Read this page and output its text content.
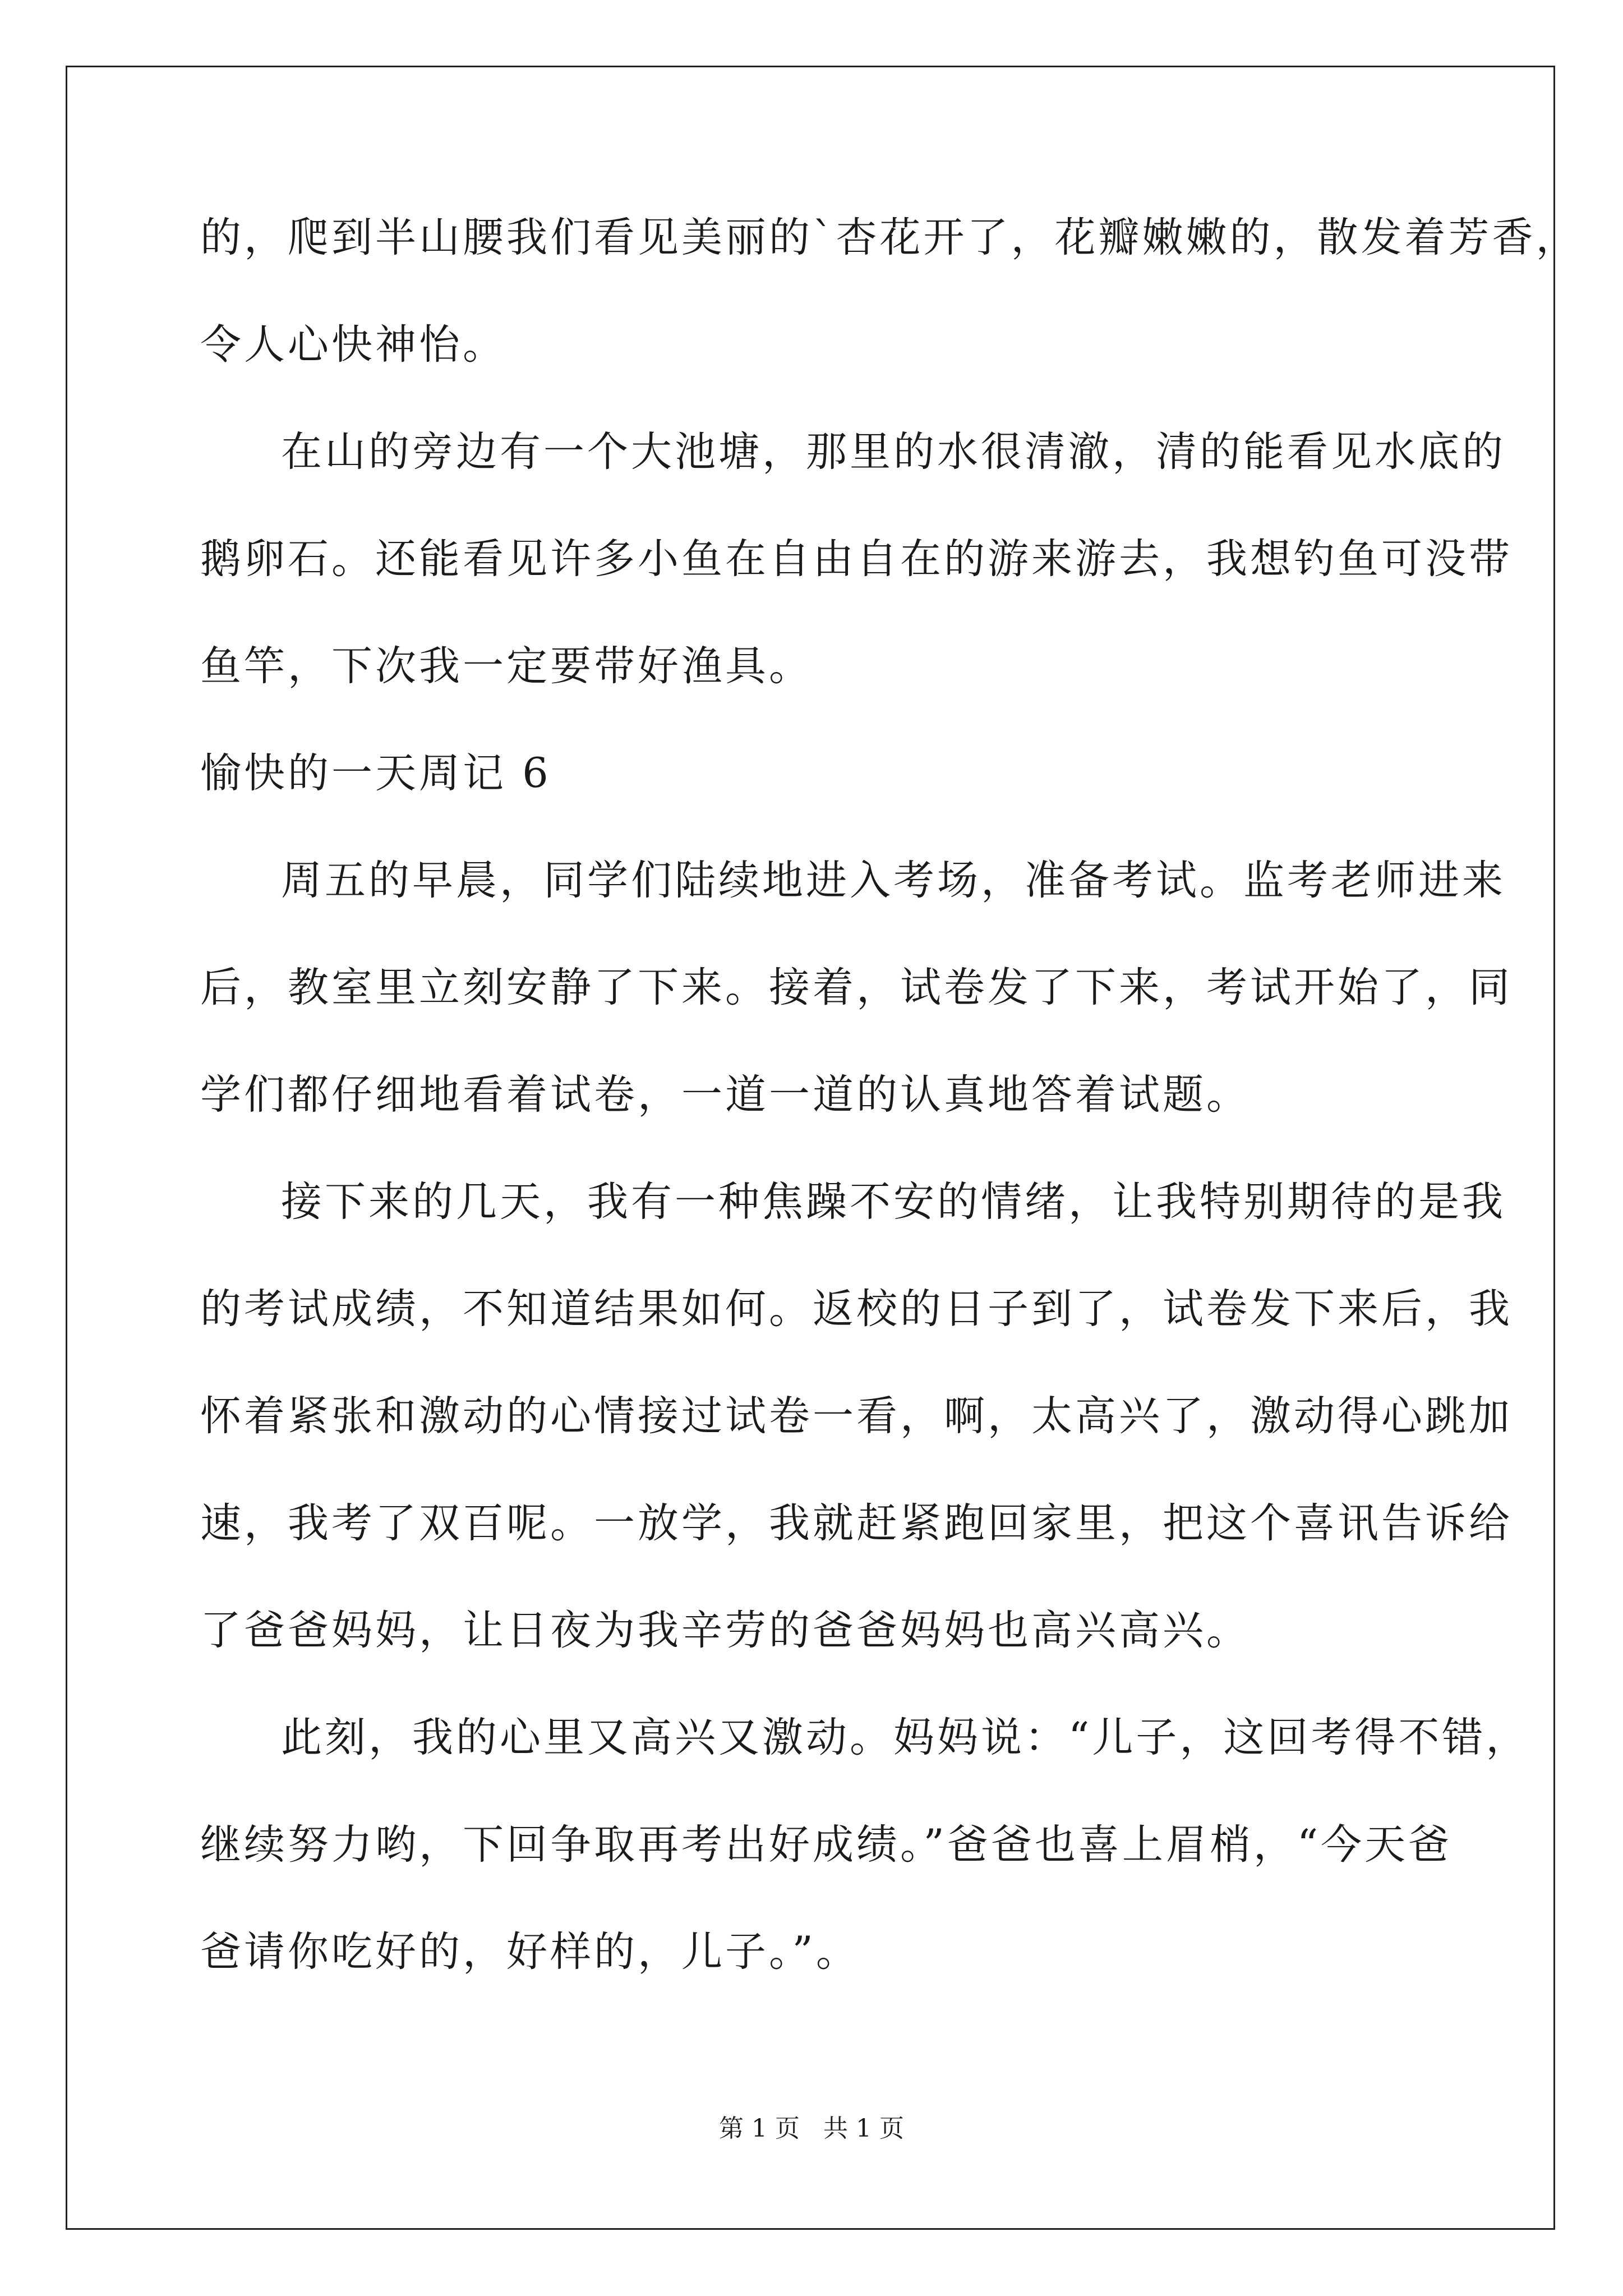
的，爬到半山腰我们看见美丽的`杏花开了，花瓣嫩嫩的，散发着芳香，
令人心快神怡。
在山的旁边有一个大池塘，那里的水很清澈，清的能看见水底的
鹅卵石。还能看见许多小鱼在自由自在的游来游去，我想钓鱼可没带
鱼竿，下次我一定要带好渔具。
愉快的一天周记 6
周五的早晨，同学们陆续地进入考场，准备考试。监考老师进来
后，教室里立刻安静了下来。接着，试卷发了下来，考试开始了，同
学们都仔细地看着试卷，一道一道的认真地答着试题。
接下来的几天，我有一种焦躁不安的情绪，让我特别期待的是我
的考试成绩，不知道结果如何。返校的日子到了，试卷发下来后，我
怀着紧张和激动的心情接过试卷一看，啊，太高兴了，激动得心跳加
速，我考了双百呢。一放学，我就赶紧跑回家里，把这个喜讯告诉给
了爸爸妈妈，让日夜为我辛劳的爸爸妈妈也高兴高兴。
此刻，我的心里又高兴又激动。妈妈说：“儿子，这回考得不错，
继续努力哟，下回争取再考出好成绩。”爸爸也喜上眉梢，“今天爸
爸请你吃好的，好样的，儿子。”。
第 1 页   共 1 页
